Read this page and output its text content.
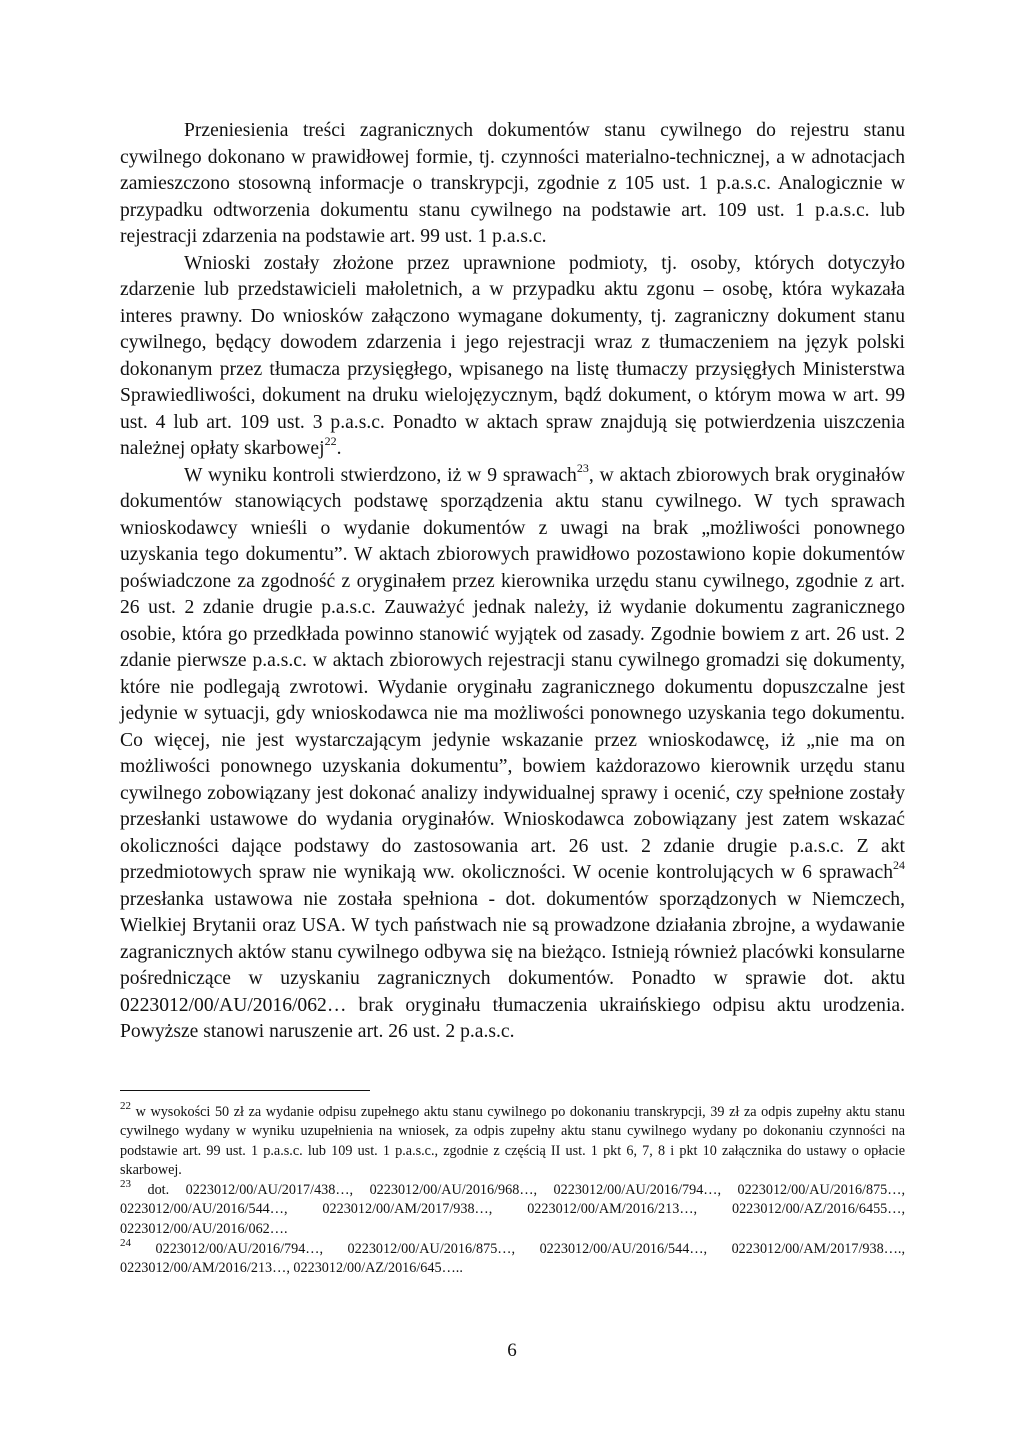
Przeniesienia treści zagranicznych dokumentów stanu cywilnego do rejestru stanu cywilnego dokonano w prawidłowej formie, tj. czynności materialno-technicznej, a w adnotacjach zamieszczono stosowną informacje o transkrypcji, zgodnie z 105 ust. 1 p.a.s.c. Analogicznie w przypadku odtworzenia dokumentu stanu cywilnego na podstawie art. 109 ust. 1 p.a.s.c. lub rejestracji zdarzenia na podstawie art. 99 ust. 1 p.a.s.c.

Wnioski zostały złożone przez uprawnione podmioty, tj. osoby, których dotyczyło zdarzenie lub przedstawicieli małoletnich, a w przypadku aktu zgonu – osobę, która wykazała interes prawny. Do wniosków załączono wymagane dokumenty, tj. zagraniczny dokument stanu cywilnego, będący dowodem zdarzenia i jego rejestracji wraz z tłumaczeniem na język polski dokonanym przez tłumacza przysięgłego, wpisanego na listę tłumaczy przysięgłych Ministerstwa Sprawiedliwości, dokument na druku wielojęzycznym, bądź dokument, o którym mowa w art. 99 ust. 4 lub art. 109 ust. 3 p.a.s.c. Ponadto w aktach spraw znajdują się potwierdzenia uiszczenia należnej opłaty skarbowej$^{22}$.

W wyniku kontroli stwierdzono, iż w 9 sprawach$^{23}$, w aktach zbiorowych brak oryginałów dokumentów stanowiących podstawę sporządzenia aktu stanu cywilnego. W tych sprawach wnioskodawcy wnieśli o wydanie dokumentów z uwagi na brak „możliwości ponownego uzyskania tego dokumentu”. W aktach zbiorowych prawidłowo pozostawiono kopie dokumentów poświadczone za zgodność z oryginałem przez kierownika urzędu stanu cywilnego, zgodnie z art. 26 ust. 2 zdanie drugie p.a.s.c. Zauważyć jednak należy, iż wydanie dokumentu zagranicznego osobie, która go przedkłada powinno stanowić wyjątek od zasady. Zgodnie bowiem z art. 26 ust. 2 zdanie pierwsze p.a.s.c. w aktach zbiorowych rejestracji stanu cywilnego gromadzi się dokumenty, które nie podlegają zwrotowi. Wydanie oryginału zagranicznego dokumentu dopuszczalne jest jedynie w sytuacji, gdy wnioskodawca nie ma możliwości ponownego uzyskania tego dokumentu. Co więcej, nie jest wystarczającym jedynie wskazanie przez wnioskodawcę, iż „nie ma on możliwości ponownego uzyskania dokumentu”, bowiem każdorazowo kierownik urzędu stanu cywilnego zobowiązany jest dokonać analizy indywidualnej sprawy i ocenić, czy spełnione zostały przesłanki ustawowe do wydania oryginałów. Wnioskodawca zobowiązany jest zatem wskazać okoliczności dające podstawy do zastosowania art. 26 ust. 2 zdanie drugie p.a.s.c. Z akt przedmiotowych spraw nie wynikają ww. okoliczności. W ocenie kontrolujących w 6 sprawach$^{24}$ przesłanka ustawowa nie została spełniona - dot. dokumentów sporządzonych w Niemczech, Wielkiej Brytanii oraz USA. W tych państwach nie są prowadzone działania zbrojne, a wydawanie zagranicznych aktów stanu cywilnego odbywa się na bieżąco. Istnieją również placówki konsularne pośredniczące w uzyskaniu zagranicznych dokumentów. Ponadto w sprawie dot. aktu 0223012/00/AU/2016/062… brak oryginału tłumaczenia ukraińskiego odpisu aktu urodzenia. Powyższe stanowi naruszenie art. 26 ust. 2 p.a.s.c.

$^{22}$ w wysokości 50 zł za wydanie odpisu zupełnego aktu stanu cywilnego po dokonaniu transkrypcji, 39 zł za odpis zupełny aktu stanu cywilnego wydany w wyniku uzupełnienia na wniosek, za odpis zupełny aktu stanu cywilnego wydany po dokonaniu czynności na podstawie art. 99 ust. 1 p.a.s.c. lub 109 ust. 1 p.a.s.c., zgodnie z częścią II ust. 1 pkt 6, 7, 8 i pkt 10 załącznika do ustawy o opłacie skarbowej.

$^{23}$ dot. 0223012/00/AU/2017/438…, 0223012/00/AU/2016/968…, 0223012/00/AU/2016/794…, 0223012/00/AU/2016/875…, 0223012/00/AU/2016/544…, 0223012/00/AM/2017/938…, 0223012/00/AM/2016/213…, 0223012/00/AZ/2016/6455…, 0223012/00/AU/2016/062….

$^{24}$ 0223012/00/AU/2016/794…, 0223012/00/AU/2016/875…, 0223012/00/AU/2016/544…, 0223012/00/AM/2017/938…., 0223012/00/AM/2016/213…, 0223012/00/AZ/2016/645…..

6
